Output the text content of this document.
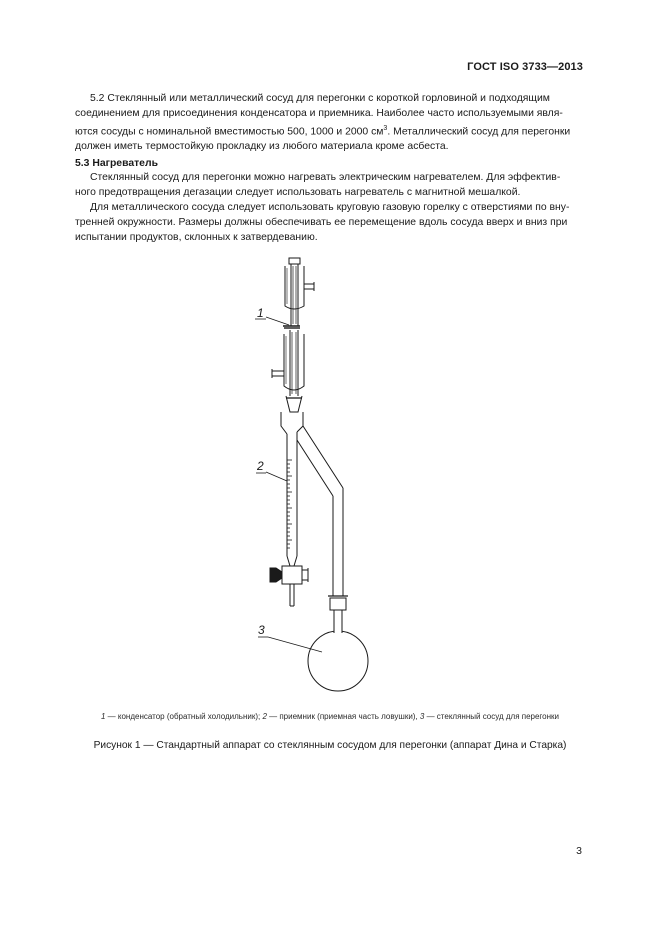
ГОСТ ISO 3733—2013
5.2 Стеклянный или металлический сосуд для перегонки с короткой горловиной и подходящим
соединением для присоединения конденсатора и приемника. Наиболее часто используемыми явля-
ются сосуды с номинальной вместимостью 500, 1000 и 2000 $см^3$. Металлический сосуд для перегонки
должен иметь термостойкую прокладку из любого материала кроме асбеста.
5.3 Нагреватель
Стеклянный сосуд для перегонки можно нагревать электрическим нагревателем. Для эффектив-
ного предотвращения дегазации следует использовать нагреватель с магнитной мешалкой.
Для металлического сосуда следует использовать круговую газовую горелку с отверстиями по вну-
тренней окружности. Размеры должны обеспечивать ее перемещение вдоль сосуда вверх и вниз при
испытании продуктов, склонных к затвердеванию.
1
2
3
1 — конденсатор (обратный холодильник); 2 — приемник (приемная часть ловушки), 3 — стеклянный сосуд для перегонки
Рисунок 1 — Стандартный аппарат со стеклянным сосудом для перегонки (аппарат Дина и Старка)
3
